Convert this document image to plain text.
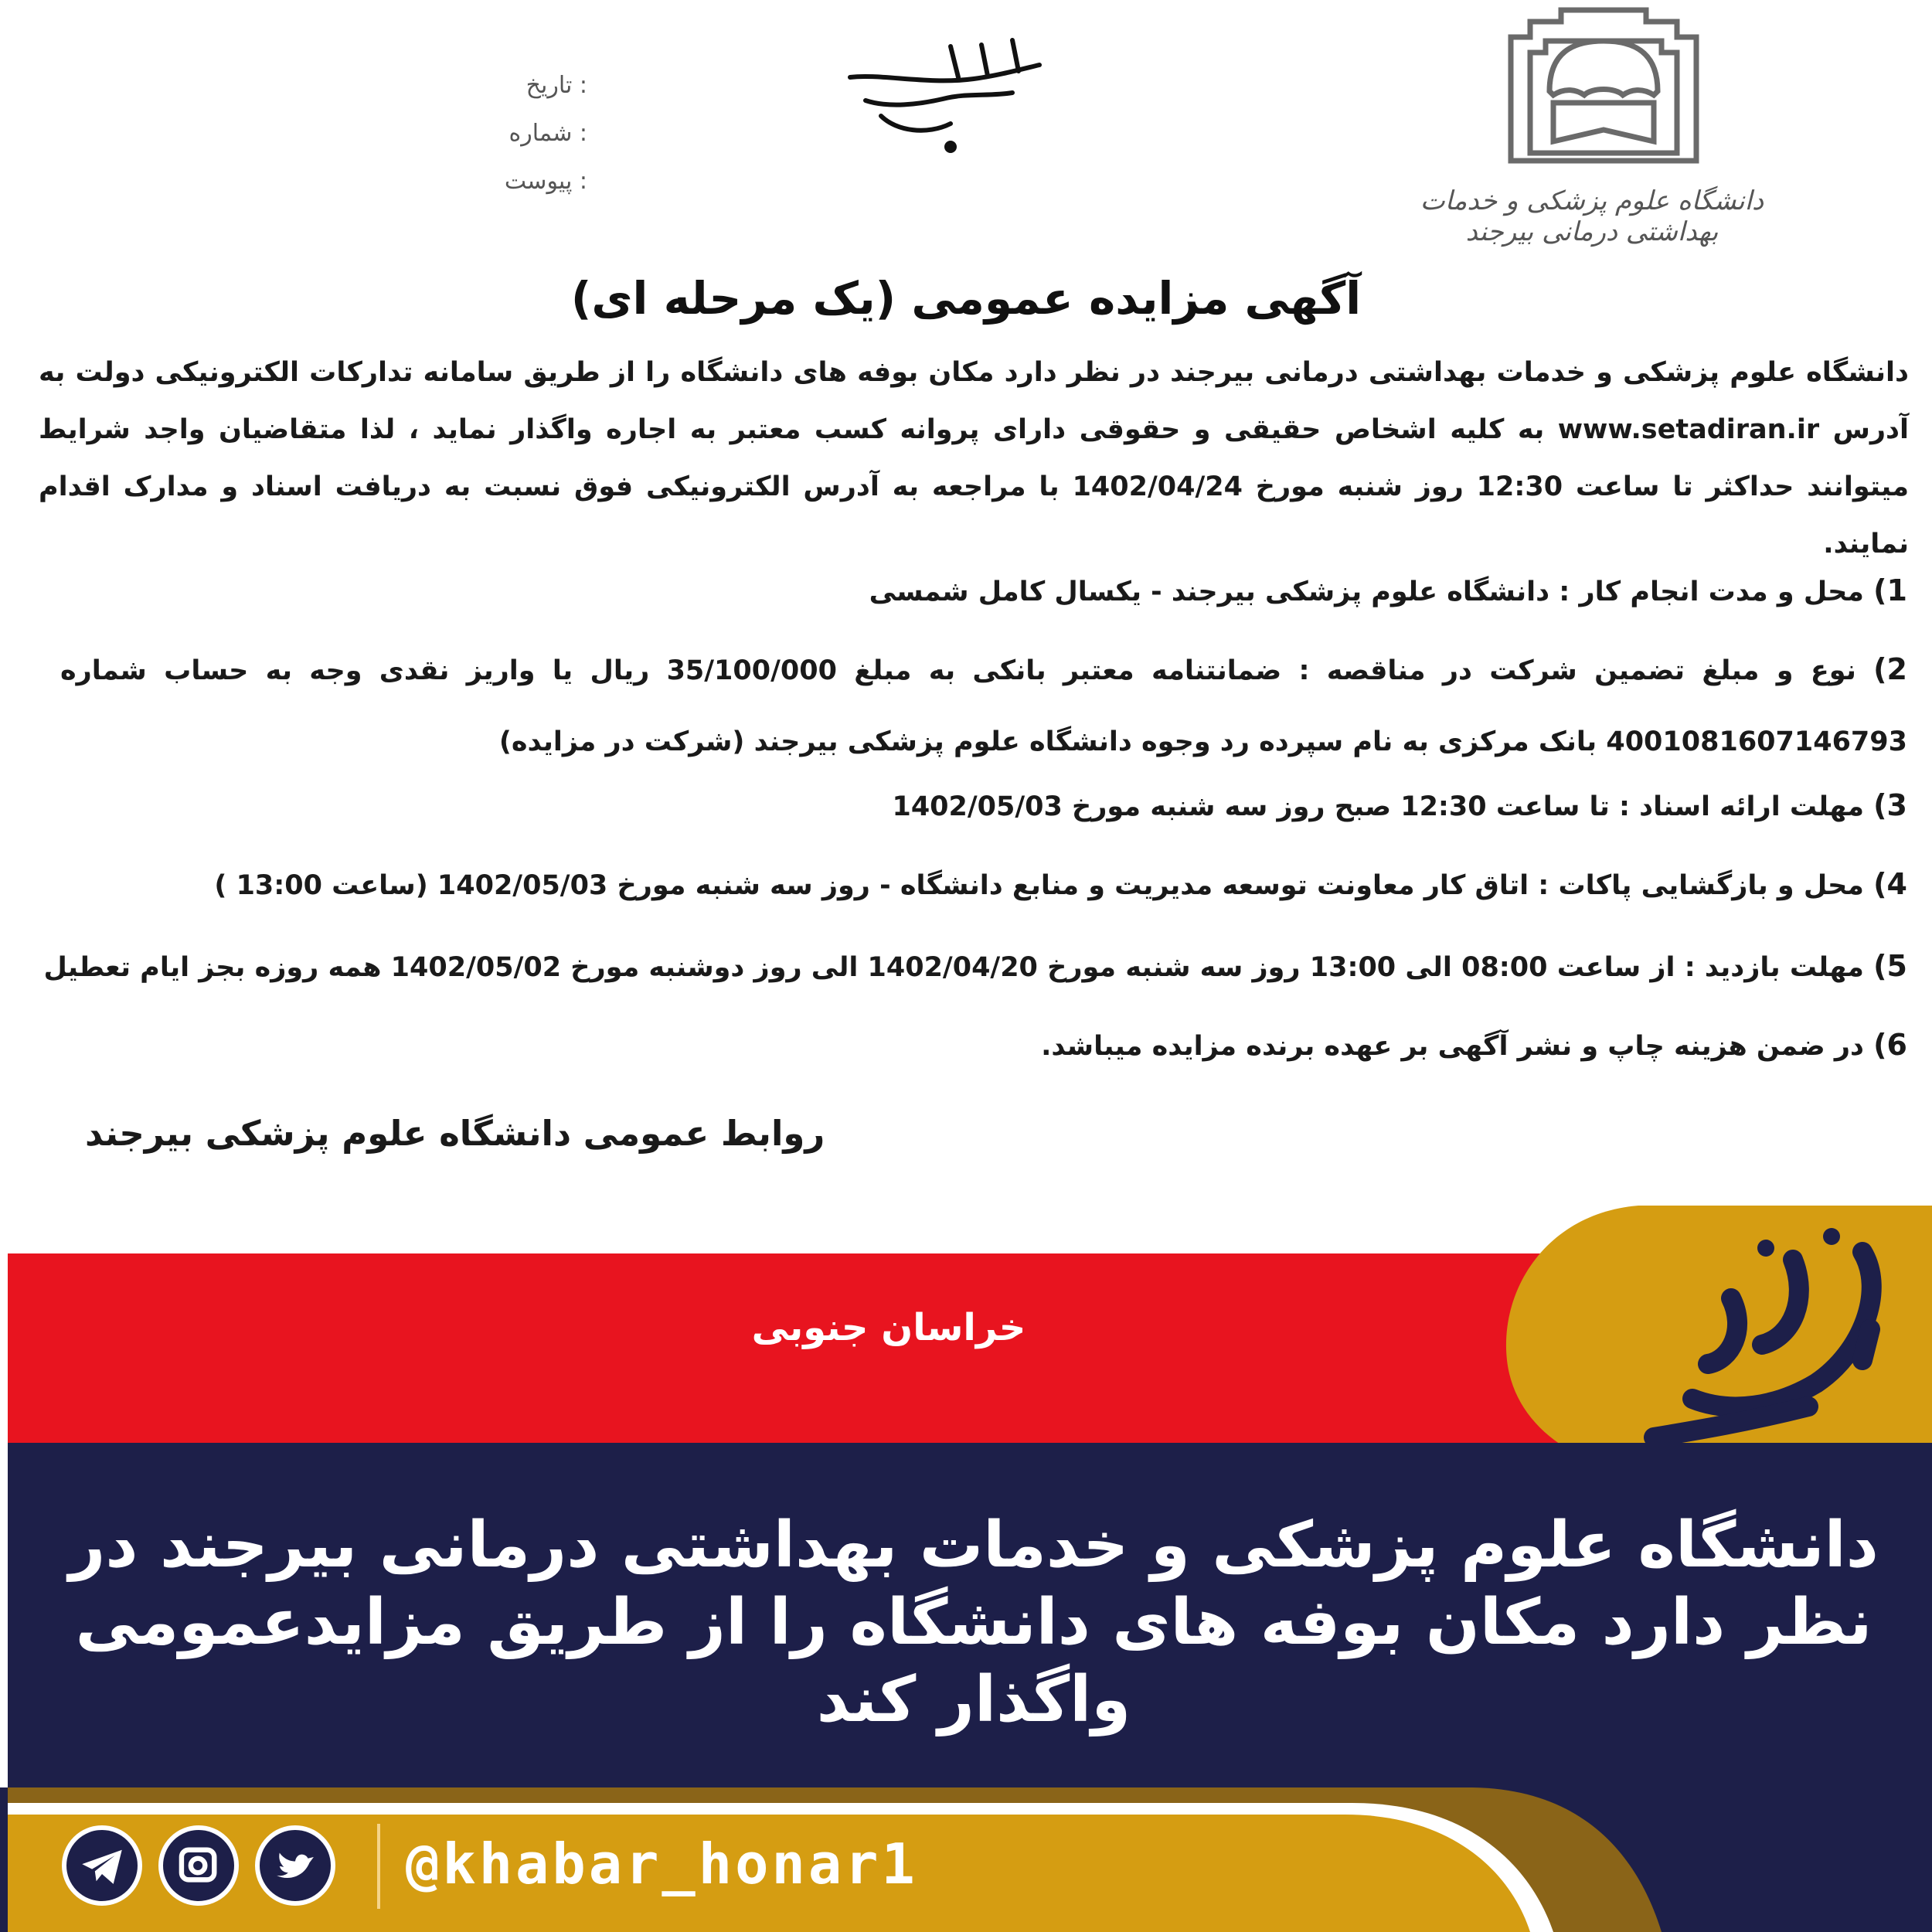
دانشگاه علوم پزشکی و خدمات بهداشتی درمانی بیرجند
تاریخ :
شماره :
پیوست :
آگهی مزایده عمومی (یک مرحله ای)
دانشگاه علوم پزشکی و خدمات بهداشتی درمانی بیرجند در نظر دارد مکان بوفه های دانشگاه را از طریق سامانه تدارکات الکترونیکی دولت به آدرس www.setadiran.ir به کلیه اشخاص حقیقی و حقوقی دارای پروانه کسب معتبر به اجاره واگذار نماید ، لذا متقاضیان واجد شرایط میتوانند حداکثر تا ساعت 12:30 روز شنبه مورخ 1402/04/24 با مراجعه به آدرس الکترونیکی فوق نسبت به دریافت اسناد و مدارک اقدام نمایند.
1) محل و مدت انجام کار : دانشگاه علوم پزشکی بیرجند - یکسال کامل شمسی
2) نوع و مبلغ تضمین شرکت در مناقصه : ضمانتنامه معتبر بانکی به مبلغ 35/100/000 ریال یا واریز نقدی وجه به حساب شماره 4001081607146793 بانک مرکزی به نام سپرده رد وجوه دانشگاه علوم پزشکی بیرجند (شرکت در مزایده)
3) مهلت ارائه اسناد : تا ساعت 12:30 صبح روز سه شنبه مورخ 1402/05/03
4) محل و بازگشایی پاکات : اتاق کار معاونت توسعه مدیریت و منابع دانشگاه - روز سه شنبه مورخ 1402/05/03 (ساعت 13:00 )
5) مهلت بازدید : از ساعت 08:00 الی 13:00 روز سه شنبه مورخ 1402/04/20 الی روز دوشنبه مورخ 1402/05/02 همه روزه بجز ایام تعطیل
6) در ضمن هزینه چاپ و نشر آگهی بر عهده برنده مزایده میباشد.
روابط عمومی دانشگاه علوم پزشکی بیرجند
خراسان جنوبی
دانشگاه علوم پزشکی و خدمات بهداشتی درمانی بیرجند در نظر دارد مکان بوفه های دانشگاه را از طریق مزایدعمومی واگذار کند
@khabar_honar1
